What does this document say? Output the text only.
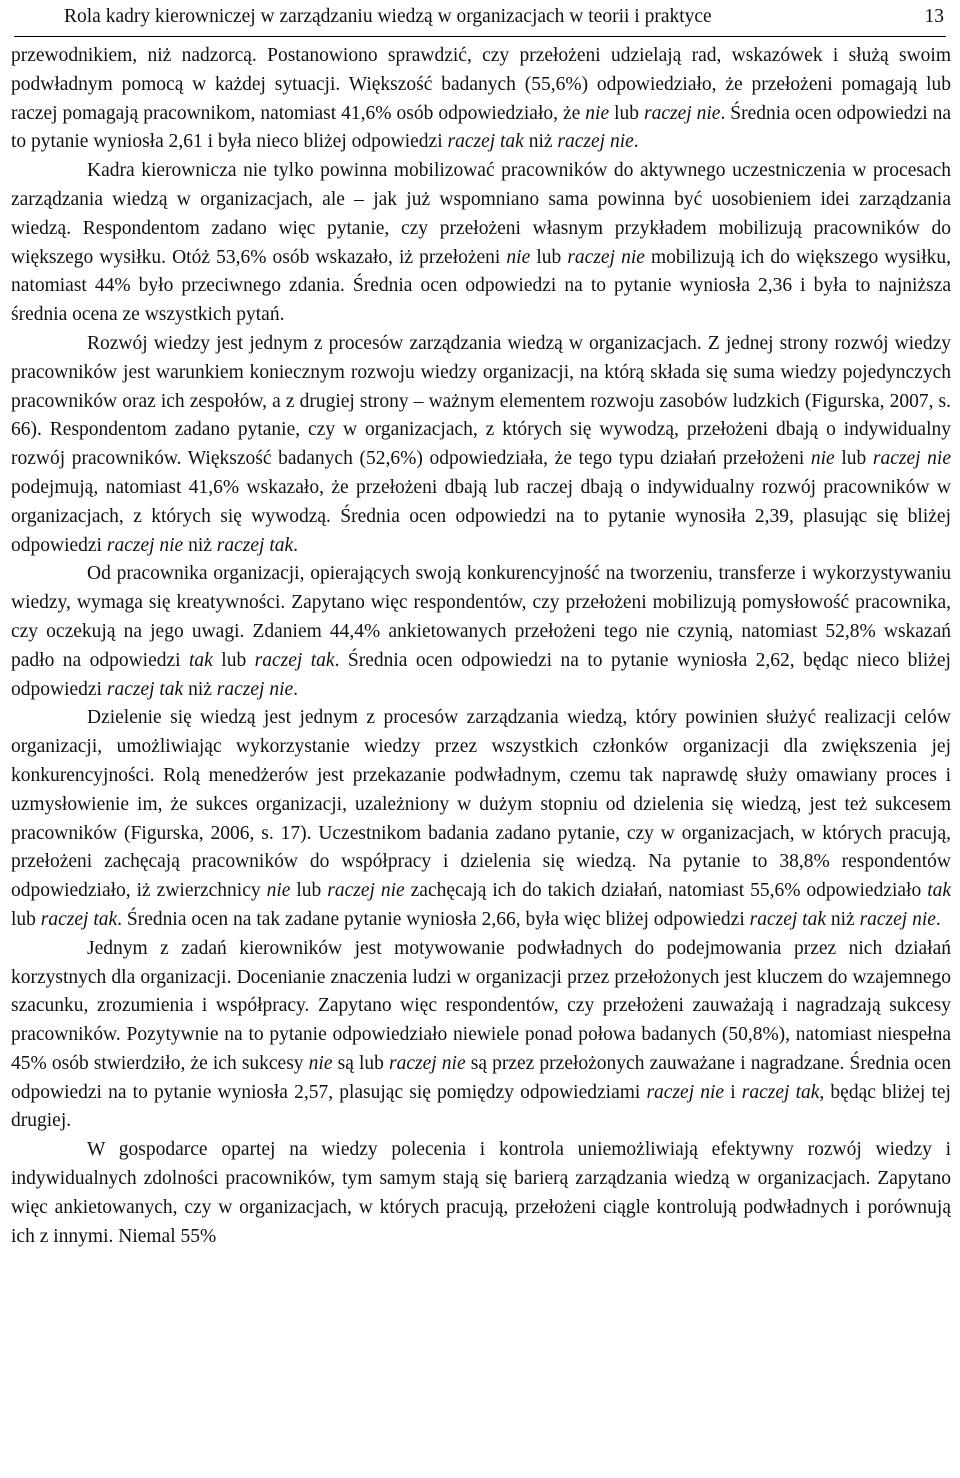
Rola kadry kierowniczej w zarządzaniu wiedzą w organizacjach w teorii i praktyce	13

przewodnikiem, niż nadzorcą. Postanowiono sprawdzić, czy przełożeni udzielają rad, wskazówek i służą swoim podwładnym pomocą w każdej sytuacji. Większość badanych (55,6%) odpowiedziało, że przełożeni pomagają lub raczej pomagają pracownikom, natomiast 41,6% osób odpowiedziało, że nie lub raczej nie. Średnia ocen odpowiedzi na to pytanie wyniosła 2,61 i była nieco bliżej odpowiedzi raczej tak niż raczej nie.

Kadra kierownicza nie tylko powinna mobilizować pracowników do aktywnego uczestniczenia w procesach zarządzania wiedzą w organizacjach, ale – jak już wspomniano sama powinna być uosobieniem idei zarządzania wiedzą. Respondentom zadano więc pytanie, czy przełożeni własnym przykładem mobilizują pracowników do większego wysiłku. Otóż 53,6% osób wskazało, iż przełożeni nie lub raczej nie mobilizują ich do większego wysiłku, natomiast 44% było przeciwnego zdania. Średnia ocen odpowiedzi na to pytanie wyniosła 2,36 i była to najniższa średnia ocena ze wszystkich pytań.

Rozwój wiedzy jest jednym z procesów zarządzania wiedzą w organizacjach. Z jednej strony rozwój wiedzy pracowników jest warunkiem koniecznym rozwoju wiedzy organizacji, na którą składa się suma wiedzy pojedynczych pracowników oraz ich zespołów, a z drugiej strony – ważnym elementem rozwoju zasobów ludzkich (Figurska, 2007, s. 66). Respondentom zadano pytanie, czy w organizacjach, z których się wywodzą, przełożeni dbają o indywidualny rozwój pracowników. Większość badanych (52,6%) odpowiedziała, że tego typu działań przełożeni nie lub raczej nie podejmują, natomiast 41,6% wskazało, że przełożeni dbają lub raczej dbają o indywidualny rozwój pracowników w organizacjach, z których się wywodzą. Średnia ocen odpowiedzi na to pytanie wynosiła 2,39, plasując się bliżej odpowiedzi raczej nie niż raczej tak.

Od pracownika organizacji, opierających swoją konkurencyjność na tworzeniu, transferze i wykorzystywaniu wiedzy, wymaga się kreatywności. Zapytano więc respondentów, czy przełożeni mobilizują pomysłowość pracownika, czy oczekują na jego uwagi. Zdaniem 44,4% ankietowanych przełożeni tego nie czynią, natomiast 52,8% wskazań padło na odpowiedzi tak lub raczej tak. Średnia ocen odpowiedzi na to pytanie wyniosła 2,62, będąc nieco bliżej odpowiedzi raczej tak niż raczej nie.

Dzielenie się wiedzą jest jednym z procesów zarządzania wiedzą, który powinien służyć realizacji celów organizacji, umożliwiając wykorzystanie wiedzy przez wszystkich członków organizacji dla zwiększenia jej konkurencyjności. Rolą menedżerów jest przekazanie podwładnym, czemu tak naprawdę służy omawiany proces i uzmysłowienie im, że sukces organizacji, uzależniony w dużym stopniu od dzielenia się wiedzą, jest też sukcesem pracowników (Figurska, 2006, s. 17). Uczestnikom badania zadano pytanie, czy w organizacjach, w których pracują, przełożeni zachęcają pracowników do współpracy i dzielenia się wiedzą. Na pytanie to 38,8% respondentów odpowiedziało, iż zwierzchnicy nie lub raczej nie zachęcają ich do takich działań, natomiast 55,6% odpowiedziało tak lub raczej tak. Średnia ocen na tak zadane pytanie wyniosła 2,66, była więc bliżej odpowiedzi raczej tak niż raczej nie.

Jednym z zadań kierowników jest motywowanie podwładnych do podejmowania przez nich działań korzystnych dla organizacji. Docenianie znaczenia ludzi w organizacji przez przełożonych jest kluczem do wzajemnego szacunku, zrozumienia i współpracy. Zapytano więc respondentów, czy przełożeni zauważają i nagradzają sukcesy pracowników. Pozytywnie na to pytanie odpowiedziało niewiele ponad połowa badanych (50,8%), natomiast niespełna 45% osób stwierdziło, że ich sukcesy nie są lub raczej nie są przez przełożonych zauważane i nagradzane. Średnia ocen odpowiedzi na to pytanie wyniosła 2,57, plasując się pomiędzy odpowiedziami raczej nie i raczej tak, będąc bliżej tej drugiej.

W gospodarce opartej na wiedzy polecenia i kontrola uniemożliwiają efektywny rozwój wiedzy i indywidualnych zdolności pracowników, tym samym stają się barierą zarządzania wiedzą w organizacjach. Zapytano więc ankietowanych, czy w organizacjach, w których pracują, przełożeni ciągle kontrolują podwładnych i porównują ich z innymi. Niemal 55%
